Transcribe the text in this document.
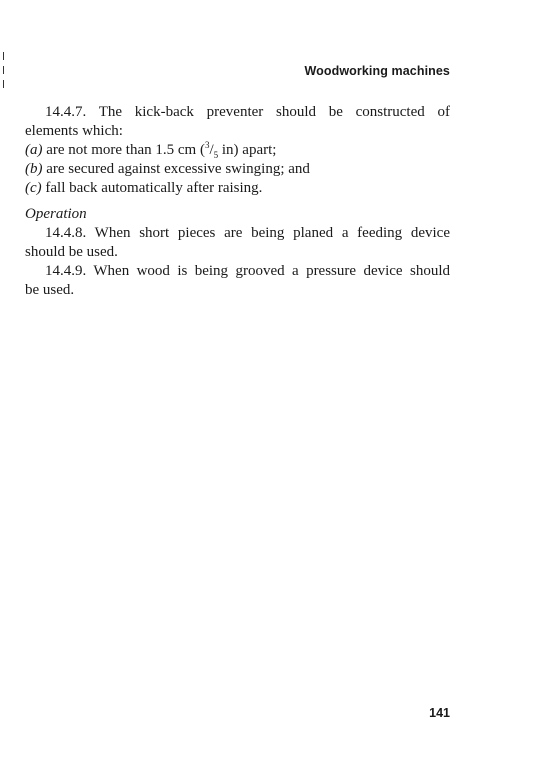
Woodworking machines

14.4.7. The kick-back preventer should be constructed of

elements which:

(a) are not more than 1.5 cm ($^3/_5$ in) apart;

(b) are secured against excessive swinging; and

(c) fall back automatically after raising.

Operation

14.4.8. When short pieces are being planed a feeding device

should be used.

14.4.9. When wood is being grooved a pressure device should

be used.

141
